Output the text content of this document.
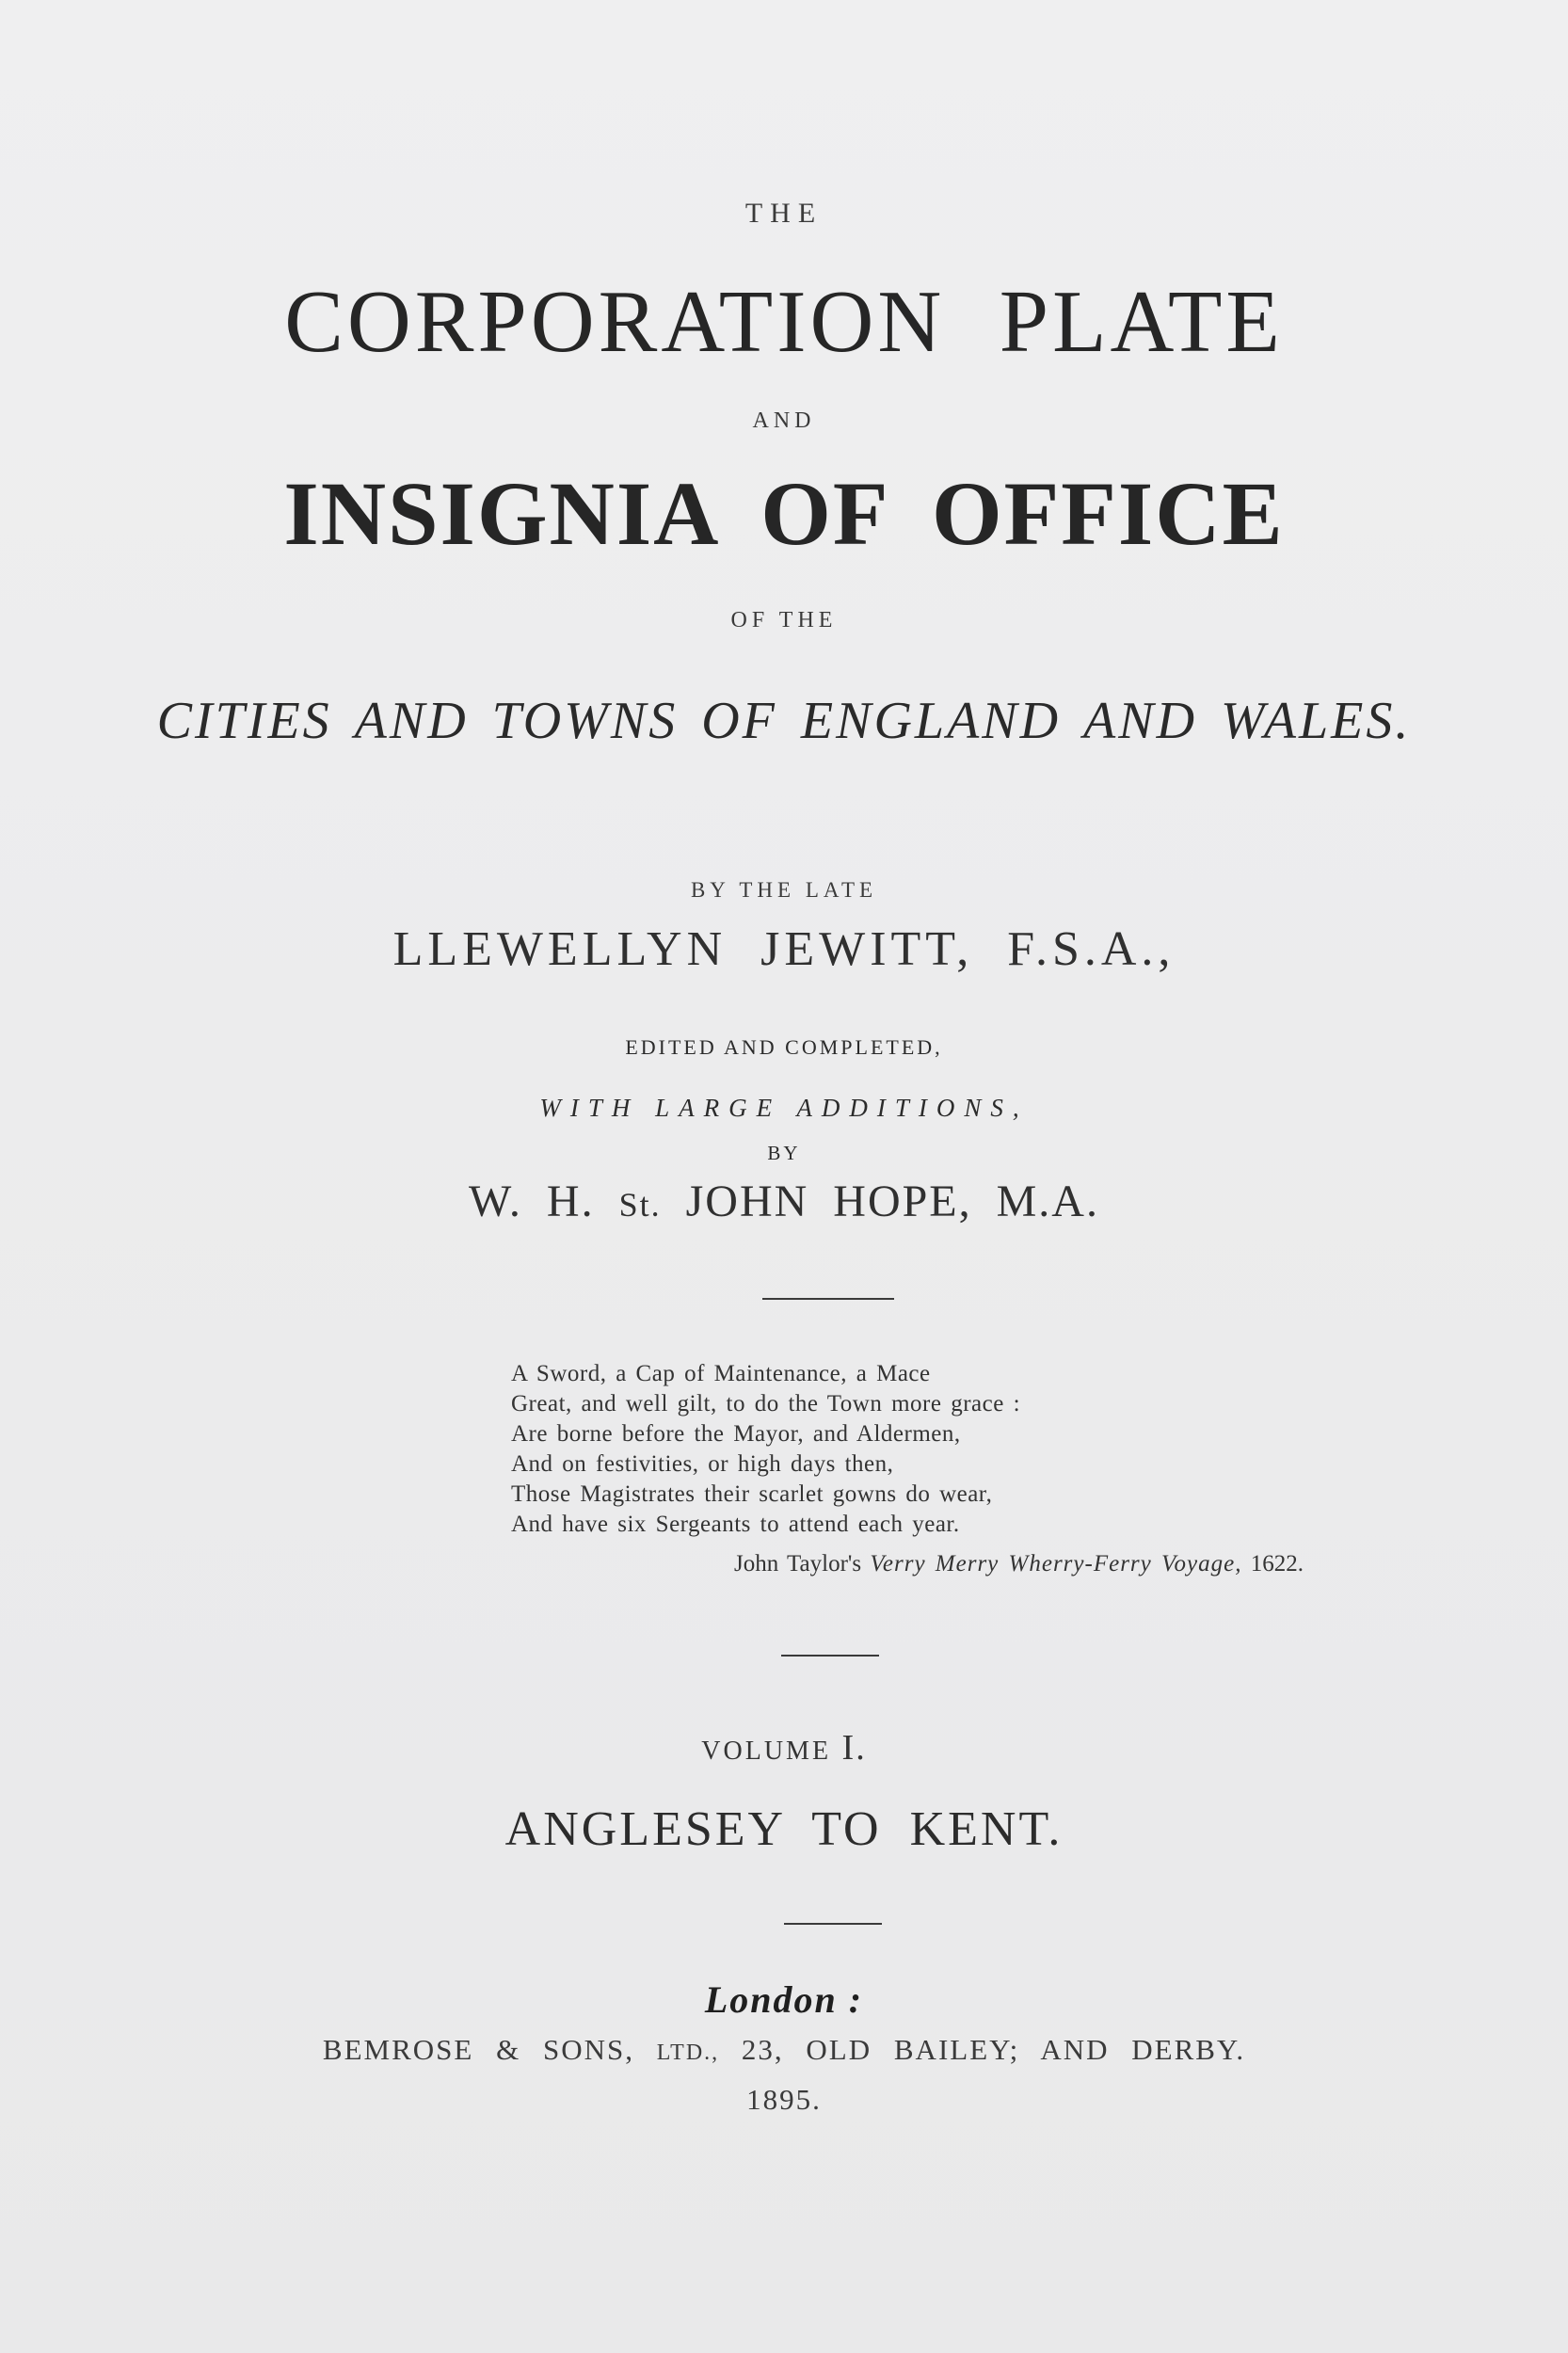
THE
CORPORATION PLATE
AND
INSIGNIA OF OFFICE
OF THE
CITIES AND TOWNS OF ENGLAND AND WALES.
BY THE LATE
LLEWELLYN JEWITT, F.S.A.,
EDITED AND COMPLETED,
WITH LARGE ADDITIONS,
BY
W. H. St. JOHN HOPE, M.A.
A Sword, a Cap of Maintenance, a Mace
Great, and well gilt, to do the Town more grace :
Are borne before the Mayor, and Aldermen,
And on festivities, or high days then,
Those Magistrates their scarlet gowns do wear,
And have six Sergeants to attend each year.
John Taylor's Verry Merry Wherry-Ferry Voyage, 1622.
VOLUME I.
ANGLESEY TO KENT.
London :
BEMROSE & SONS, LTD., 23, OLD BAILEY; AND DERBY.
1895.
